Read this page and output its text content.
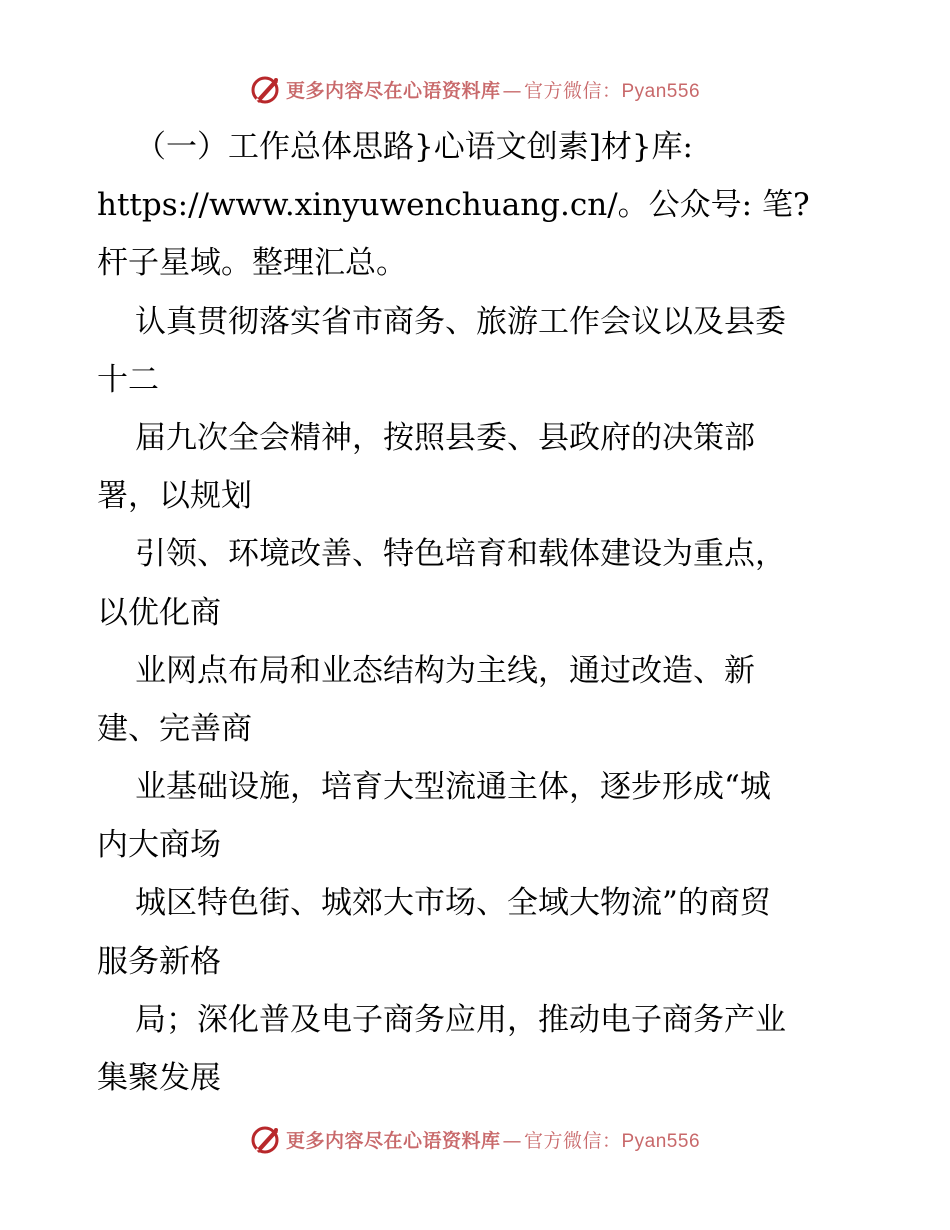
更多内容尽在心语资料库 — 官方微信：Pyan556
（一）工作总体思路}心语文创素]材}库:
https://www.xinyuwenchuang.cn/。公众号: 笔?
杆子星域。整理汇总。
认真贯彻落实省市商务、旅游工作会议以及县委
十二
届九次全会精神，按照县委、县政府的决策部
署，以规划
引领、环境改善、特色培育和载体建设为重点，
以优化商
业网点布局和业态结构为主线，通过改造、新
建、完善商
业基础设施，培育大型流通主体，逐步形成“城
内大商场
城区特色街、城郊大市场、全域大物流”的商贸
服务新格
局；深化普及电子商务应用，推动电子商务产业
集聚发展
更多内容尽在心语资料库 — 官方微信：Pyan556
